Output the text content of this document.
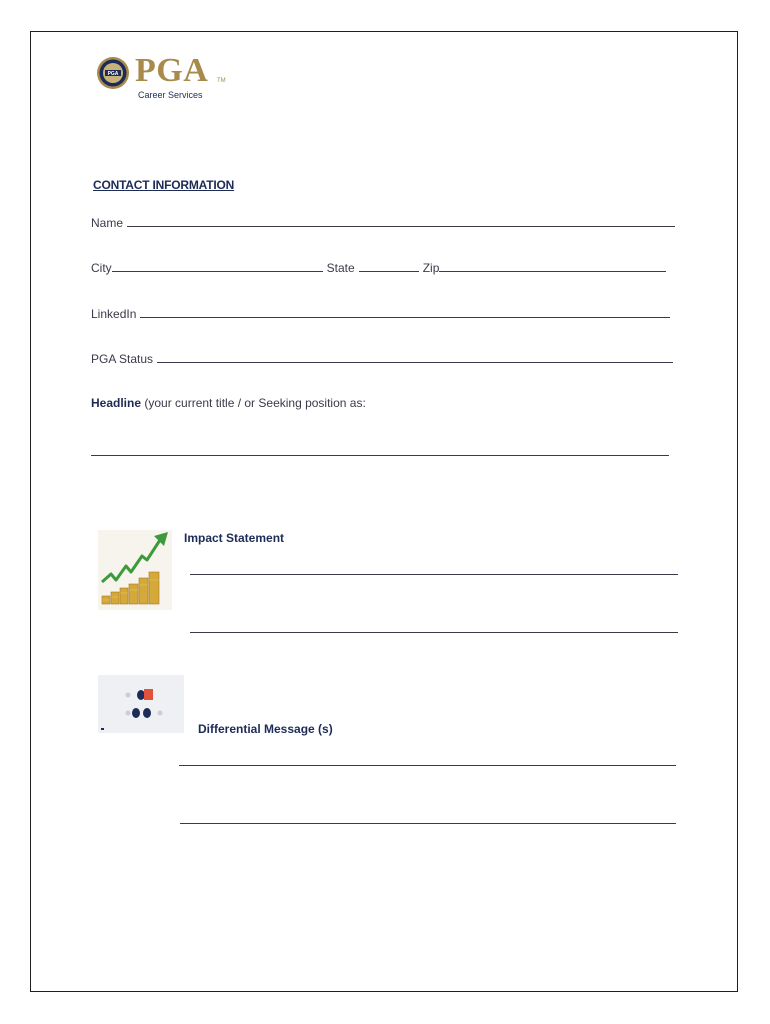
PGA PGA TM
Career Services
CONTACT INFORMATION
Name
City	State	Zip
LinkedIn
PGA Status
Headline (your current title / or Seeking position as:
Impact Statement
Differential Message (s)
